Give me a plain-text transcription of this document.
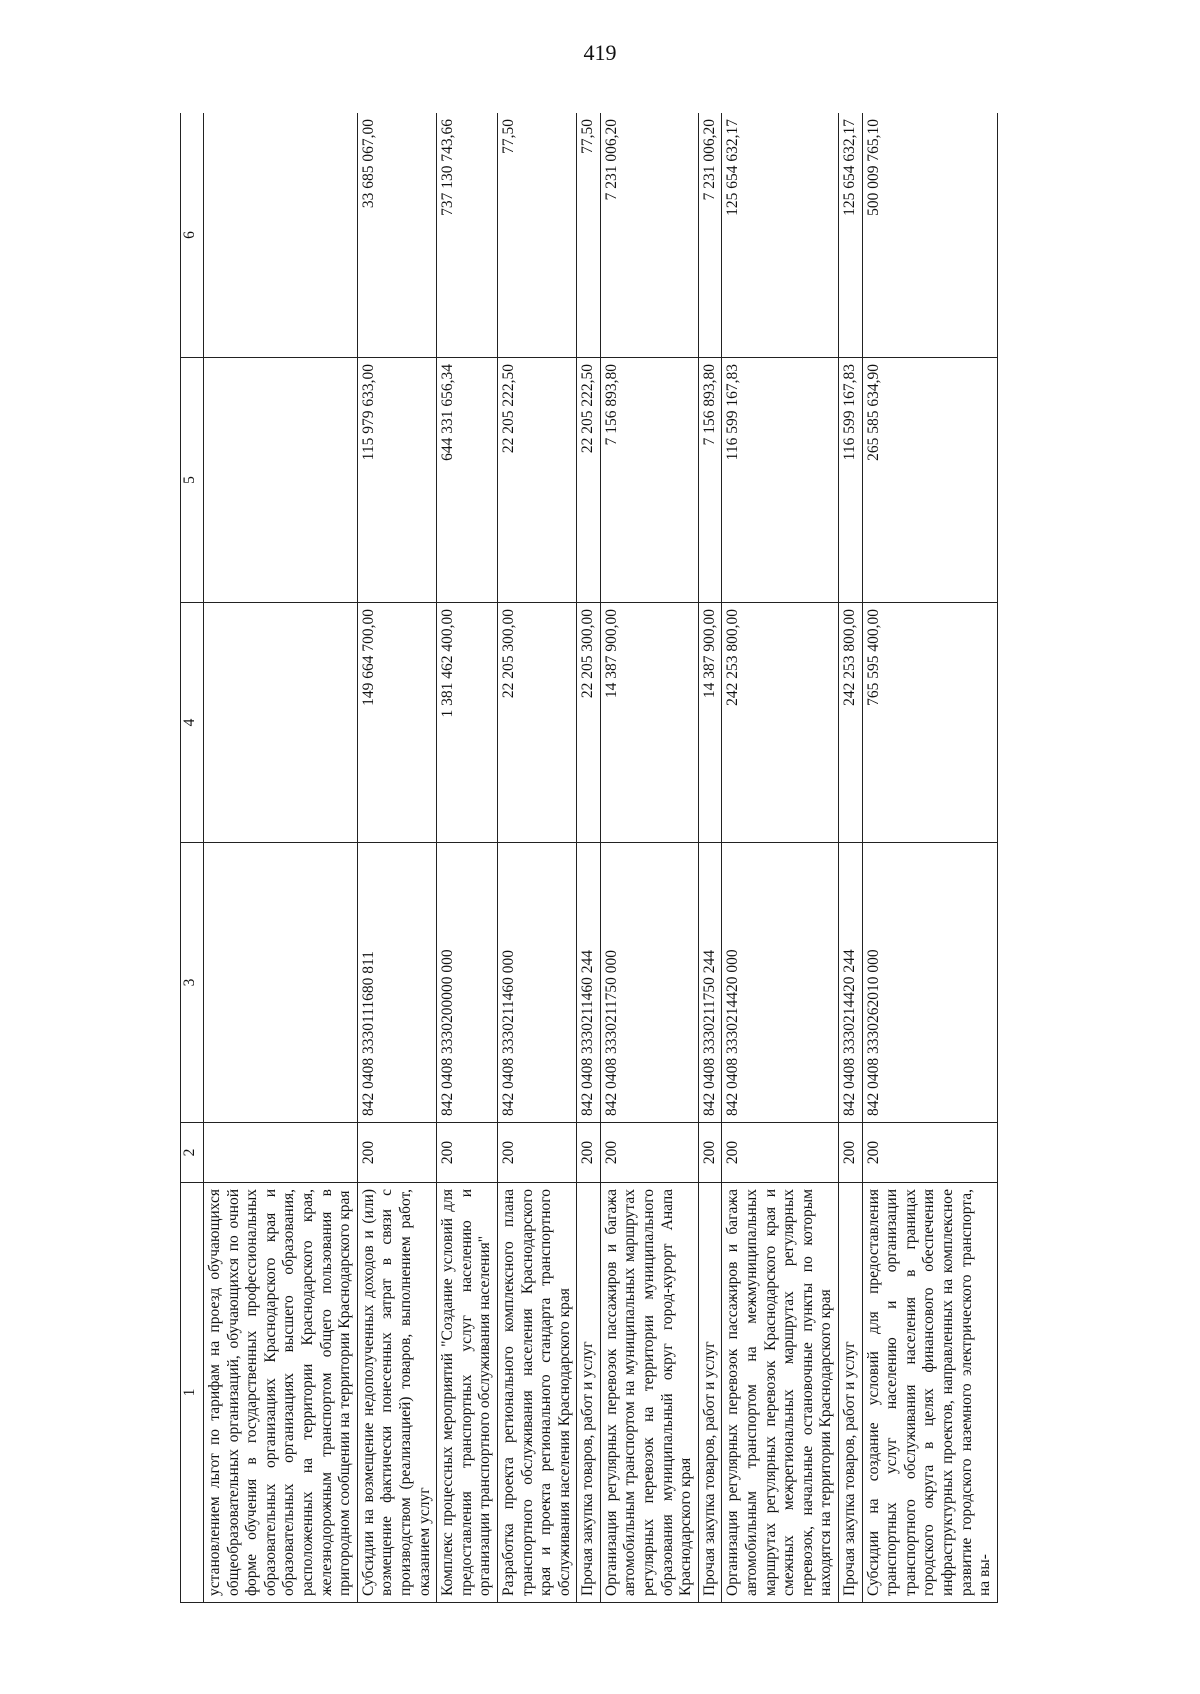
419
1	2	3	4	5	6
установлением льгот по тарифам на проезд обучающихся общеобразовательных организаций, обучающихся по очной форме обучения в государственных профессиональных образовательных организациях Краснодарского края и образовательных организациях высшего образования, расположенных на территории Краснодарского края, железнодорожным транспортом общего пользования в пригородном сообщении на территории Краснодарского края					
Субсидии на возмещение недополученных доходов и (или) возмещение фактически понесенных затрат в связи с производством (реализацией) товаров, выполнением работ, оказанием услуг	200	842 0408 3330111680 811	149 664 700,00	115 979 633,00	33 685 067,00
Комплекс процессных мероприятий "Создание условий для предоставления транспортных услуг населению и организации транспортного обслуживания населения"	200	842 0408 3330200000 000	1 381 462 400,00	644 331 656,34	737 130 743,66
Разработка проекта регионального комплексного плана транспортного обслуживания населения Краснодарского края и проекта регионального стандарта транспортного обслуживания населения Краснодарского края	200	842 0408 3330211460 000	22 205 300,00	22 205 222,50	77,50
Прочая закупка товаров, работ и услуг	200	842 0408 3330211460 244	22 205 300,00	22 205 222,50	77,50
Организация регулярных перевозок пассажиров и багажа автомобильным транспортом на муниципальных маршрутах регулярных перевозок на территории муниципального образования муниципальный округ город-курорт Анапа Краснодарского края	200	842 0408 3330211750 000	14 387 900,00	7 156 893,80	7 231 006,20
Прочая закупка товаров, работ и услуг	200	842 0408 3330211750 244	14 387 900,00	7 156 893,80	7 231 006,20
Организация регулярных перевозок пассажиров и багажа автомобильным транспортом на межмуниципальных маршрутах регулярных перевозок Краснодарского края и смежных межрегиональных маршрутах регулярных перевозок, начальные остановочные пункты по которым находятся на территории Краснодарского края	200	842 0408 3330214420 000	242 253 800,00	116 599 167,83	125 654 632,17
Прочая закупка товаров, работ и услуг	200	842 0408 3330214420 244	242 253 800,00	116 599 167,83	125 654 632,17
Субсидии на создание условий для предоставления транспортных услуг населению и организации транспортного обслуживания населения в границах городского округа в целях финансового обеспечения инфраструктурных проектов, направленных на комплексное развитие городского наземного электрического транспорта, на вы-	200	842 0408 3330262010 000	765 595 400,00	265 585 634,90	500 009 765,10
